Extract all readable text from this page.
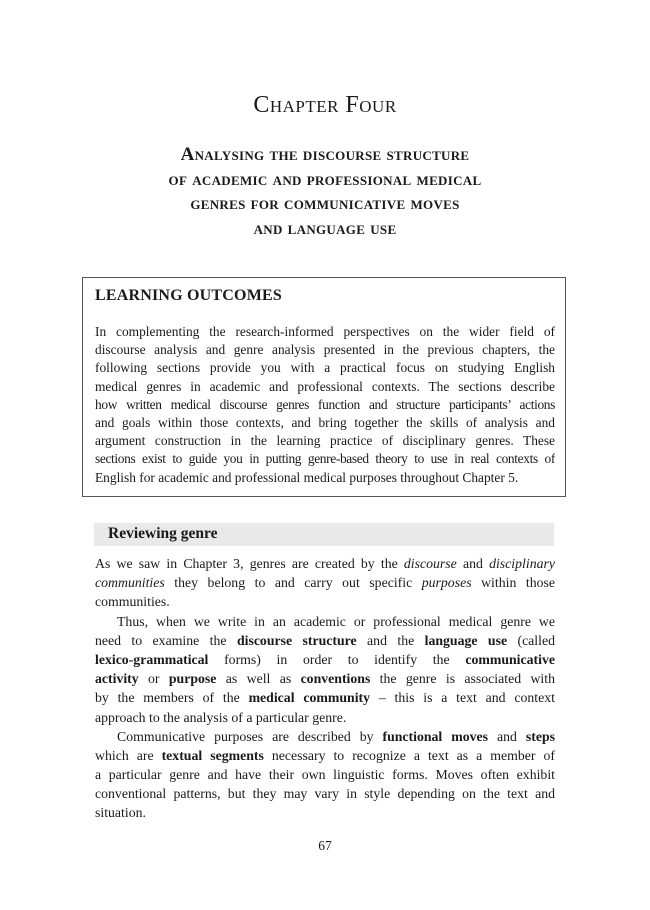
Chapter Four
Analysing the discourse structure
of academic and professional medical
genres for communicative moves
and language use
LEARNING OUTCOMES
In complementing the research-informed perspectives on the wider field of
discourse analysis and genre analysis presented in the previous chapters, the
following sections provide you with a practical focus on studying English
medical genres in academic and professional contexts. The sections describe
how written medical discourse genres function and structure participants’ actions
and goals within those contexts, and bring together the skills of analysis and
argument construction in the learning practice of disciplinary genres. These
sections exist to guide you in putting genre-based theory to use in real contexts of
English for academic and professional medical purposes throughout Chapter 5.
Reviewing genre
As we saw in Chapter 3, genres are created by the discourse and disciplinary
communities they belong to and carry out specific purposes within those
communities.
Thus, when we write in an academic or professional medical genre we
need to examine the discourse structure and the language use (called
lexico-grammatical forms) in order to identify the communicative
activity or purpose as well as conventions the genre is associated with
by the members of the medical community – this is a text and context
approach to the analysis of a particular genre.
Communicative purposes are described by functional moves and steps
which are textual segments necessary to recognize a text as a member of
a particular genre and have their own linguistic forms. Moves often exhibit
conventional patterns, but they may vary in style depending on the text and
situation.
67
